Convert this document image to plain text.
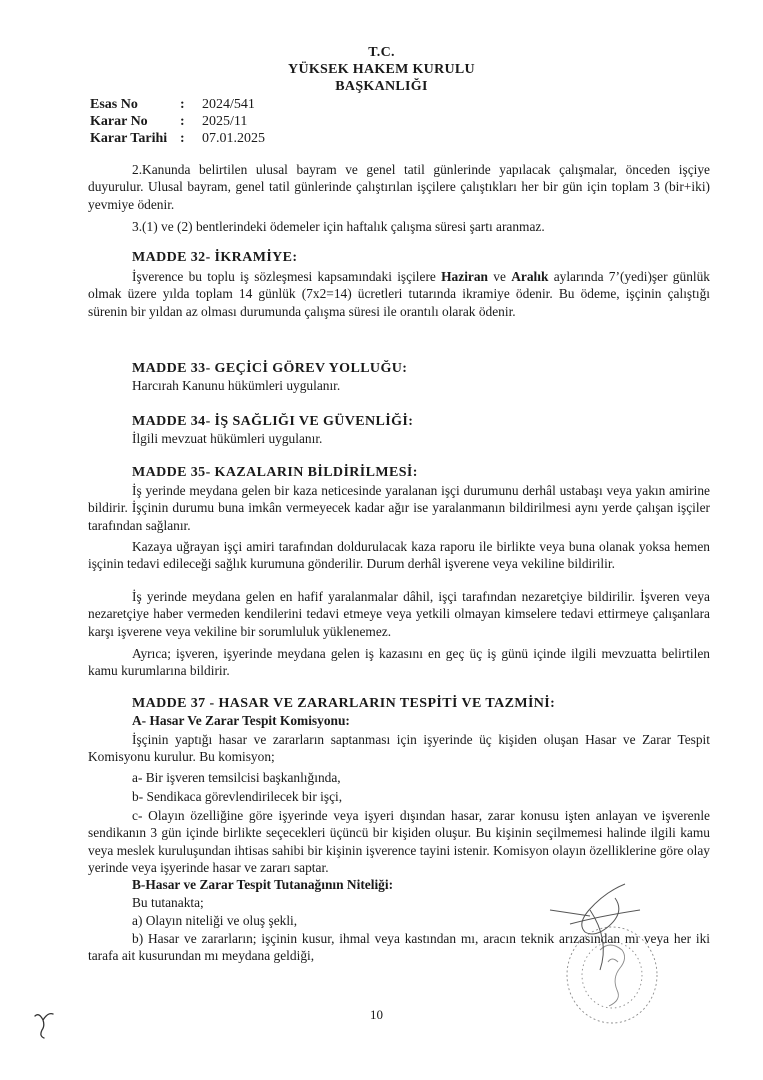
T.C.
YÜKSEK HAKEM KURULU
BAŞKANLIĞI
Esas No	: 2024/541
Karar No : 2025/11
Karar Tarihi : 07.01.2025
2.Kanunda belirtilen ulusal bayram ve genel tatil günlerinde yapılacak çalışmalar, önceden işçiye duyurulur. Ulusal bayram, genel tatil günlerinde çalıştırılan işçilere çalıştıkları her bir gün için toplam 3 (bir+iki) yevmiye ödenir.
3.(1) ve (2) bentlerindeki ödemeler için haftalık çalışma süresi şartı aranmaz.
MADDE 32- İKRAMİYE:
İşverence bu toplu iş sözleşmesi kapsamındaki işçilere Haziran ve Aralık aylarında 7’(yedi)şer günlük olmak üzere yılda toplam 14 günlük (7x2=14) ücretleri tutarında ikramiye ödenir. Bu ödeme, işçinin çalıştığı sürenin bir yıldan az olması durumunda çalışma süresi ile orantılı olarak ödenir.
MADDE 33- GEÇİCİ GÖREV YOLLUĞU:
Harcırah Kanunu hükümleri uygulanır.
MADDE 34- İŞ SAĞLIĞI VE GÜVENLİĞİ:
İlgili mevzuat hükümleri uygulanır.
MADDE 35- KAZALARIN BİLDİRİLMESİ:
İş yerinde meydana gelen bir kaza neticesinde yaralanan işçi durumunu derhâl ustabaşı veya yakın amirine bildirir. İşçinin durumu buna imkân vermeyecek kadar ağır ise yaralanmanın bildirilmesi aynı yerde çalışan işçiler tarafından sağlanır.
Kazaya uğrayan işçi amiri tarafından doldurulacak kaza raporu ile birlikte veya buna olanak yoksa hemen işçinin tedavi edileceği sağlık kurumuna gönderilir. Durum derhâl işverene veya vekiline bildirilir.
İş yerinde meydana gelen en hafif yaralanmalar dâhil, işçi tarafından nezaretçiye bildirilir. İşveren veya nezaretçiye haber vermeden kendilerini tedavi etmeye veya yetkili olmayan kimselere tedavi ettirmeye çalışanlara karşı işverene veya vekiline bir sorumluluk yüklenemez.
Ayrıca; işveren, işyerinde meydana gelen iş kazasını en geç üç iş günü içinde ilgili mevzuatta belirtilen kamu kurumlarına bildirir.
MADDE 37 - HASAR VE ZARARLARIN TESPİTİ VE TAZMİNİ:
A- Hasar Ve Zarar Tespit Komisyonu:
İşçinin yaptığı hasar ve zararların saptanması için işyerinde üç kişiden oluşan Hasar ve Zarar Tespit Komisyonu kurulur. Bu komisyon;
a- Bir işveren temsilcisi başkanlığında,
b- Sendikaca görevlendirilecek bir işçi,
c- Olayın özelliğine göre işyerinde veya işyeri dışından hasar, zarar konusu işten anlayan ve işverenle sendikanın 3 gün içinde birlikte seçecekleri üçüncü bir kişiden oluşur. Bu kişinin seçilmemesi halinde ilgili kamu veya meslek kuruluşundan ihtisas sahibi bir kişinin işverence tayini istenir. Komisyon olayın özelliklerine göre olay yerinde veya işyerinde hasar ve zararı saptar.
B-Hasar ve Zarar Tespit Tutanağının Niteliği:
Bu tutanakta;
a) Olayın niteliği ve oluş şekli,
b) Hasar ve zararların; işçinin kusur, ihmal veya kastından mı, aracın teknik arızasından mı veya her iki tarafa ait kusurundan mı meydana geldiği,
10
